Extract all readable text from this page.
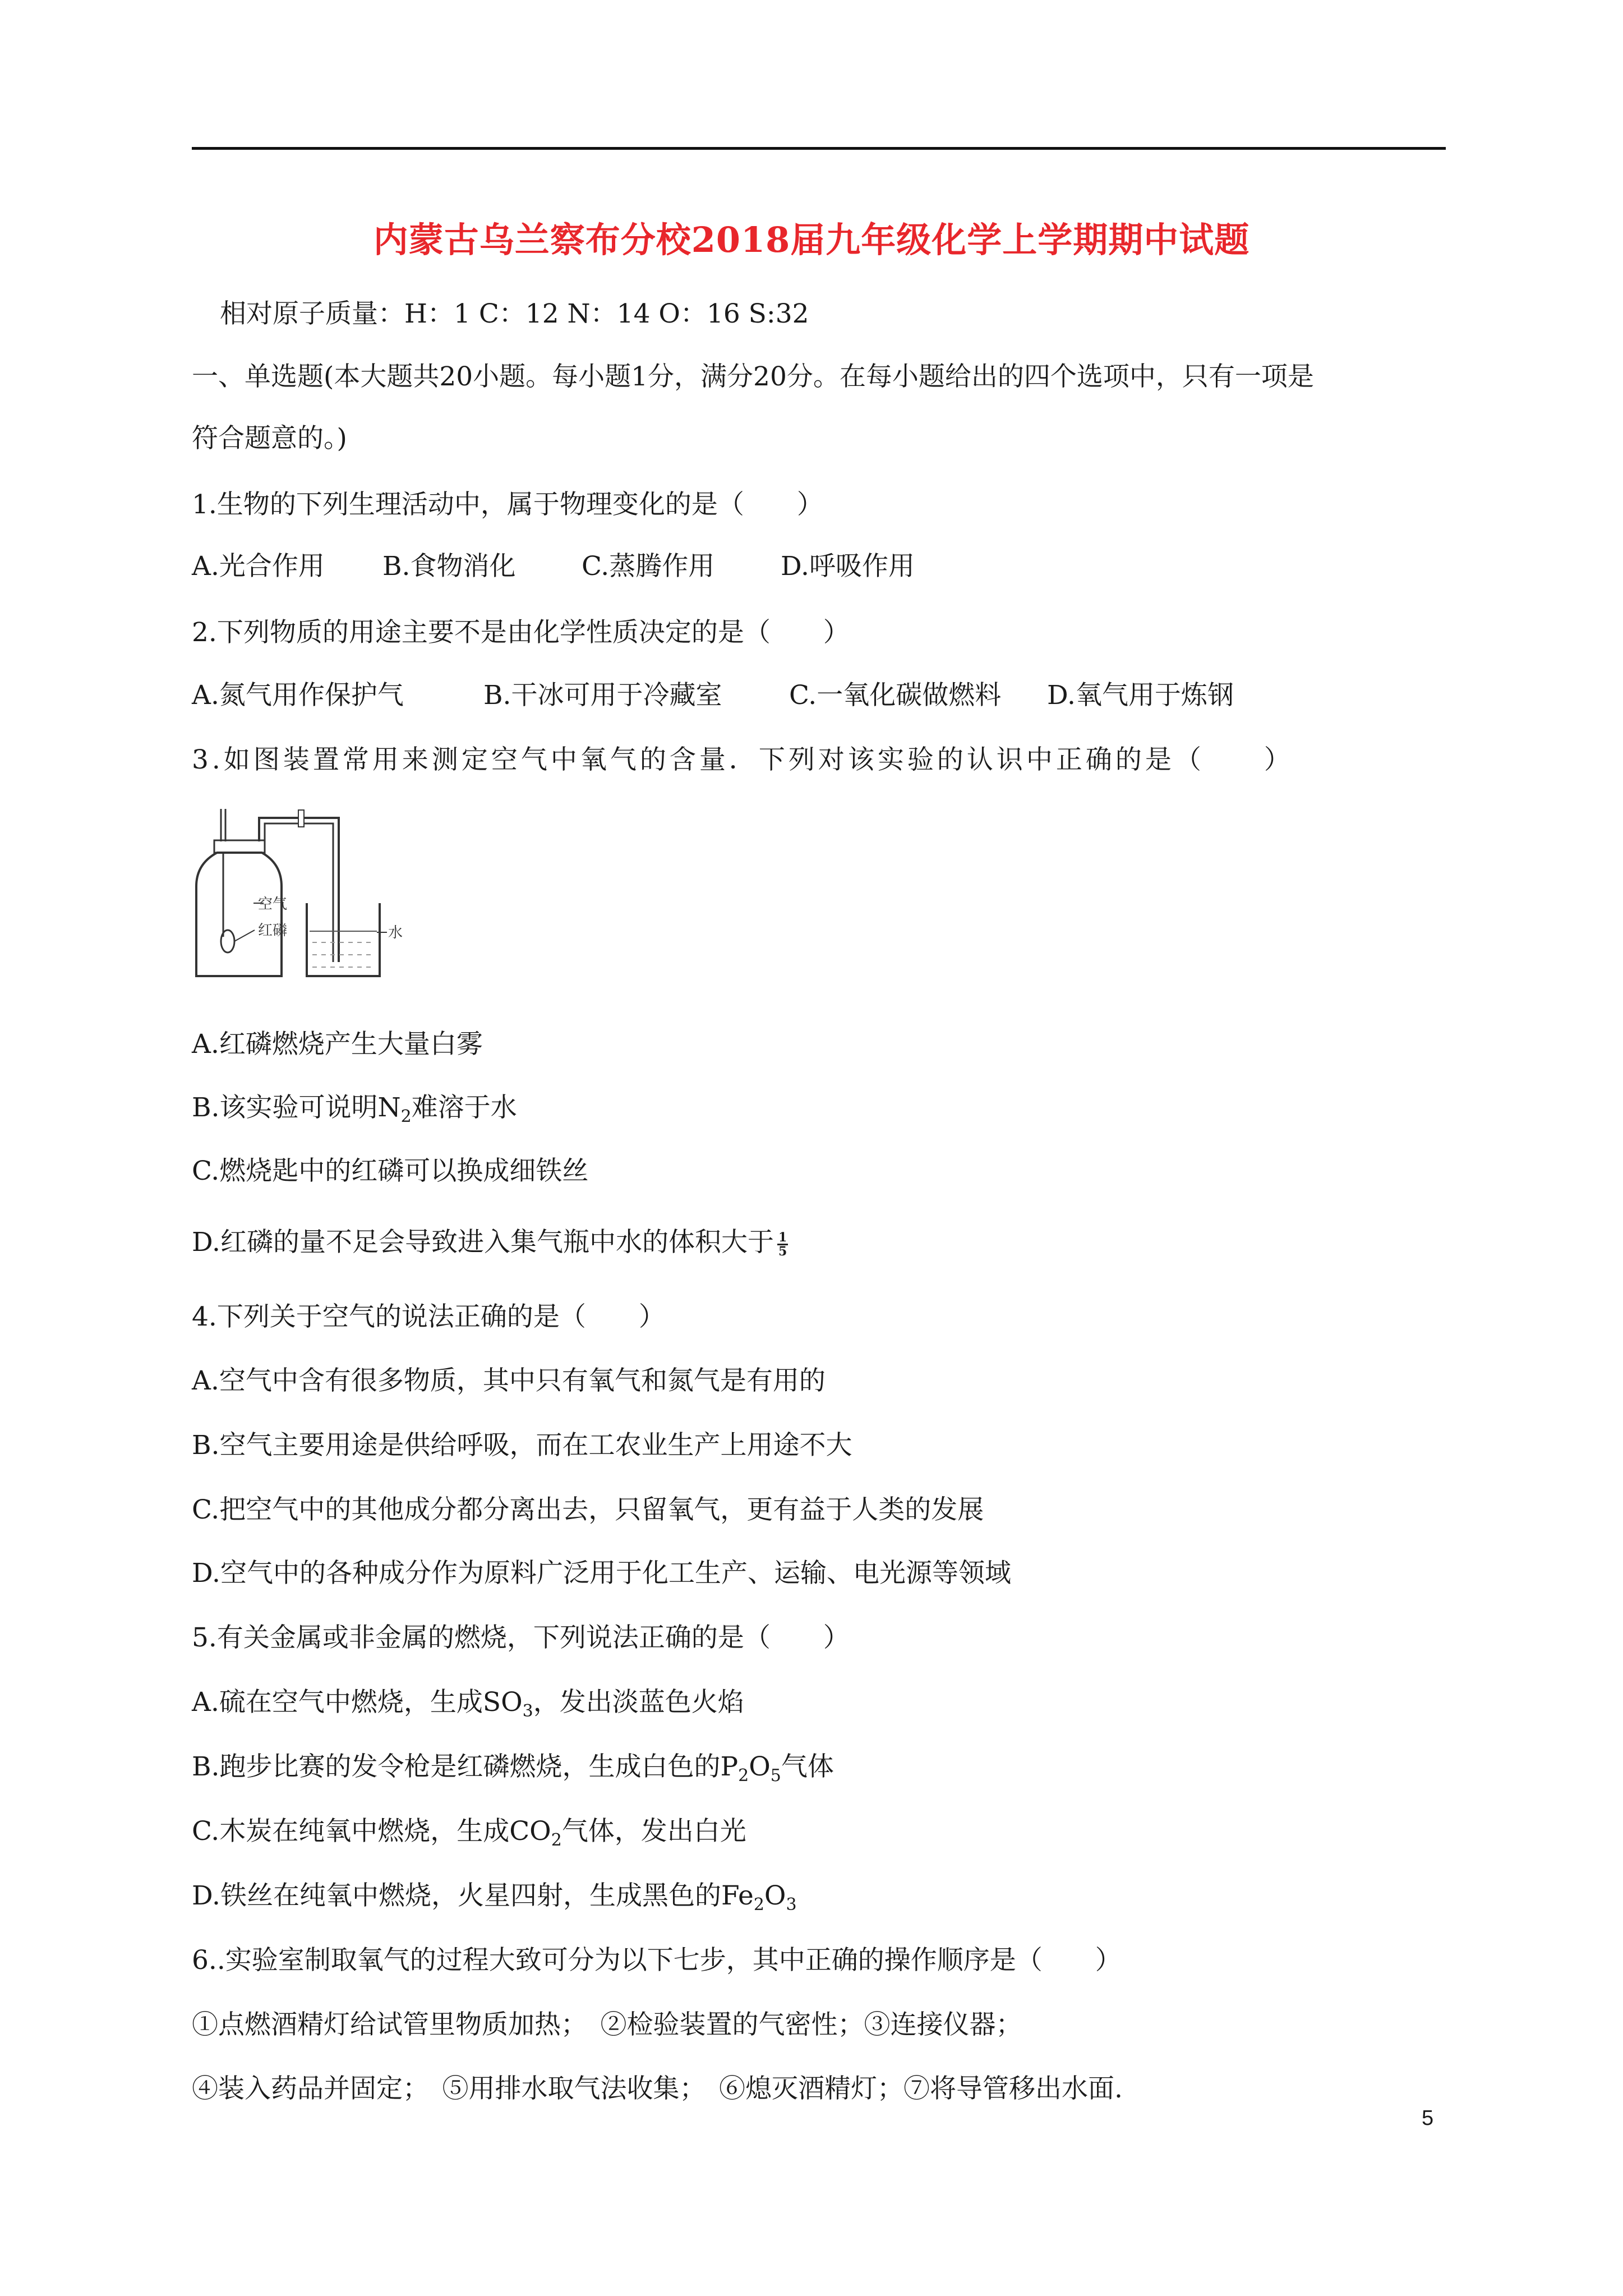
内蒙古乌兰察布分校2018届九年级化学上学期期中试题
相对原子质量：H：1 C：12 N：14 O：16 S:32
一、单选题(本大题共20小题。每小题1分，满分20分。在每小题给出的四个选项中，只有一项是
符合题意的。)
1.生物的下列生理活动中，属于物理变化的是（　　）
A.光合作用 B.食物消化	C.蒸腾作用	D.呼吸作用
2.下列物质的用途主要不是由化学性质决定的是（　　）
A.氮气用作保护气	B.干冰可用于冷藏室	C.一氧化碳做燃料 D.氧气用于炼钢
3.如图装置常用来测定空气中氧气的含量．下列对该实验的认识中正确的是（　　）
空气
红磷	水
A.红磷燃烧产生大量白雾
B.该实验可说明$N_2$难溶于水
C.燃烧匙中的红磷可以换成细铁丝
D.红磷的量不足会导致进入集气瓶中水的体积大于 $\frac{1}{5}$
4.下列关于空气的说法正确的是（　　）
A.空气中含有很多物质，其中只有氧气和氮气是有用的
B.空气主要用途是供给呼吸，而在工农业生产上用途不大
C.把空气中的其他成分都分离出去，只留氧气，更有益于人类的发展
D.空气中的各种成分作为原料广泛用于化工生产、运输、电光源等领域
5.有关金属或非金属的燃烧，下列说法正确的是（　　）
A.硫在空气中燃烧，生成$SO_3$，发出淡蓝色火焰
B.跑步比赛的发令枪是红磷燃烧，生成白色的$P_2O_5$气体
C.木炭在纯氧中燃烧，生成$CO_2$气体，发出白光
D.铁丝在纯氧中燃烧，火星四射，生成黑色的$Fe_2O_3$
6..实验室制取氧气的过程大致可分为以下七步，其中正确的操作顺序是（　　）
①点燃酒精灯给试管里物质加热；　②检验装置的气密性；③连接仪器；
④装入药品并固定；　⑤用排水取气法收集；　⑥熄灭酒精灯；⑦将导管移出水面.
5
